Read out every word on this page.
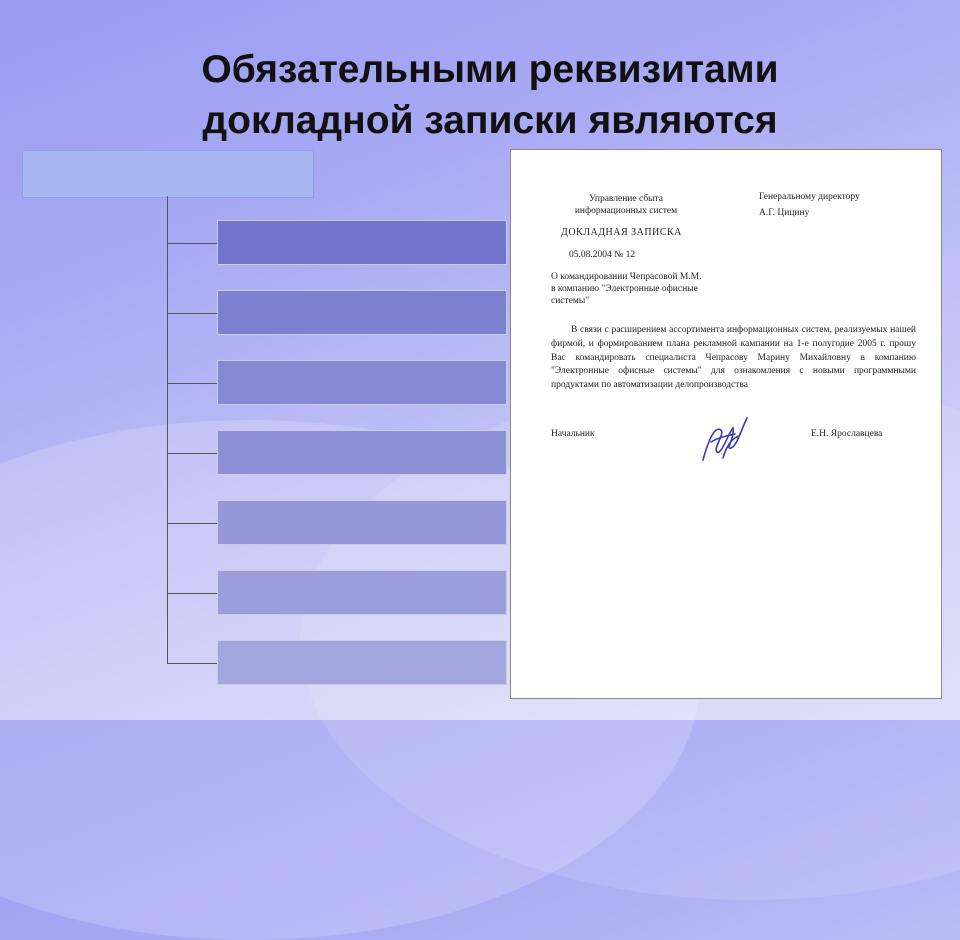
Обязательными реквизитами
докладной записки являются
Управление сбыта
информационных систем
Генеральному директору
А.Г. Цицину
ДОКЛАДНАЯ ЗАПИСКА
05.08.2004 № 12
О командировании Чепрасовой М.М.
в компанию "Электронные офисные
системы"
В связи с расширением ассортимента информационных систем, реализуемых нашей фирмой, и формированием плана рекламной кампании на 1-е полугодие 2005 г. прошу Вас командировать специалиста Чепрасову Марину Михайловну в компанию "Электронные офисные системы" для ознакомления с новыми программными продуктами по автоматизации делопроизводства
Начальник	Е.Н. Ярославцева
